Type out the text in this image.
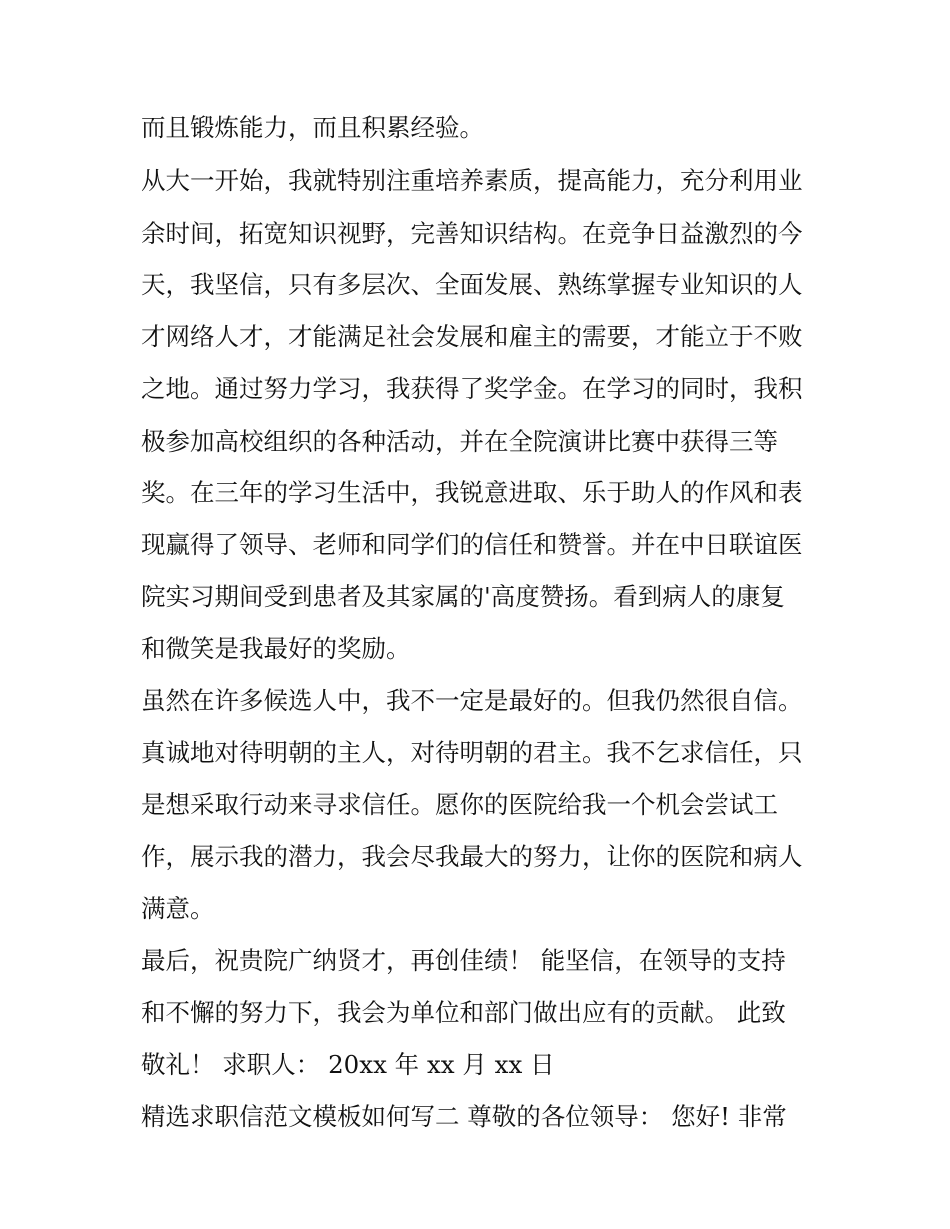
而且锻炼能力，而且积累经验。
从大一开始，我就特别注重培养素质，提高能力，充分利用业
余时间，拓宽知识视野，完善知识结构。在竞争日益激烈的今
天，我坚信，只有多层次、全面发展、熟练掌握专业知识的人
才网络人才，才能满足社会发展和雇主的需要，才能立于不败
之地。通过努力学习，我获得了奖学金。在学习的同时，我积
极参加高校组织的各种活动，并在全院演讲比赛中获得三等
奖。在三年的学习生活中，我锐意进取、乐于助人的作风和表
现赢得了领导、老师和同学们的信任和赞誉。并在中日联谊医
院实习期间受到患者及其家属的'高度赞扬。看到病人的康复
和微笑是我最好的奖励。
虽然在许多候选人中，我不一定是最好的。但我仍然很自信。
真诚地对待明朝的主人，对待明朝的君主。我不乞求信任，只
是想采取行动来寻求信任。愿你的医院给我一个机会尝试工
作，展示我的潜力，我会尽我最大的努力，让你的医院和病人
满意。
最后，祝贵院广纳贤才，再创佳绩！ 能坚信，在领导的支持
和不懈的努力下，我会为单位和部门做出应有的贡献。 此致
敬礼！ 求职人： 20xx 年 xx 月 xx 日
精选求职信范文模板如何写二 尊敬的各位领导： 您好! 非常
